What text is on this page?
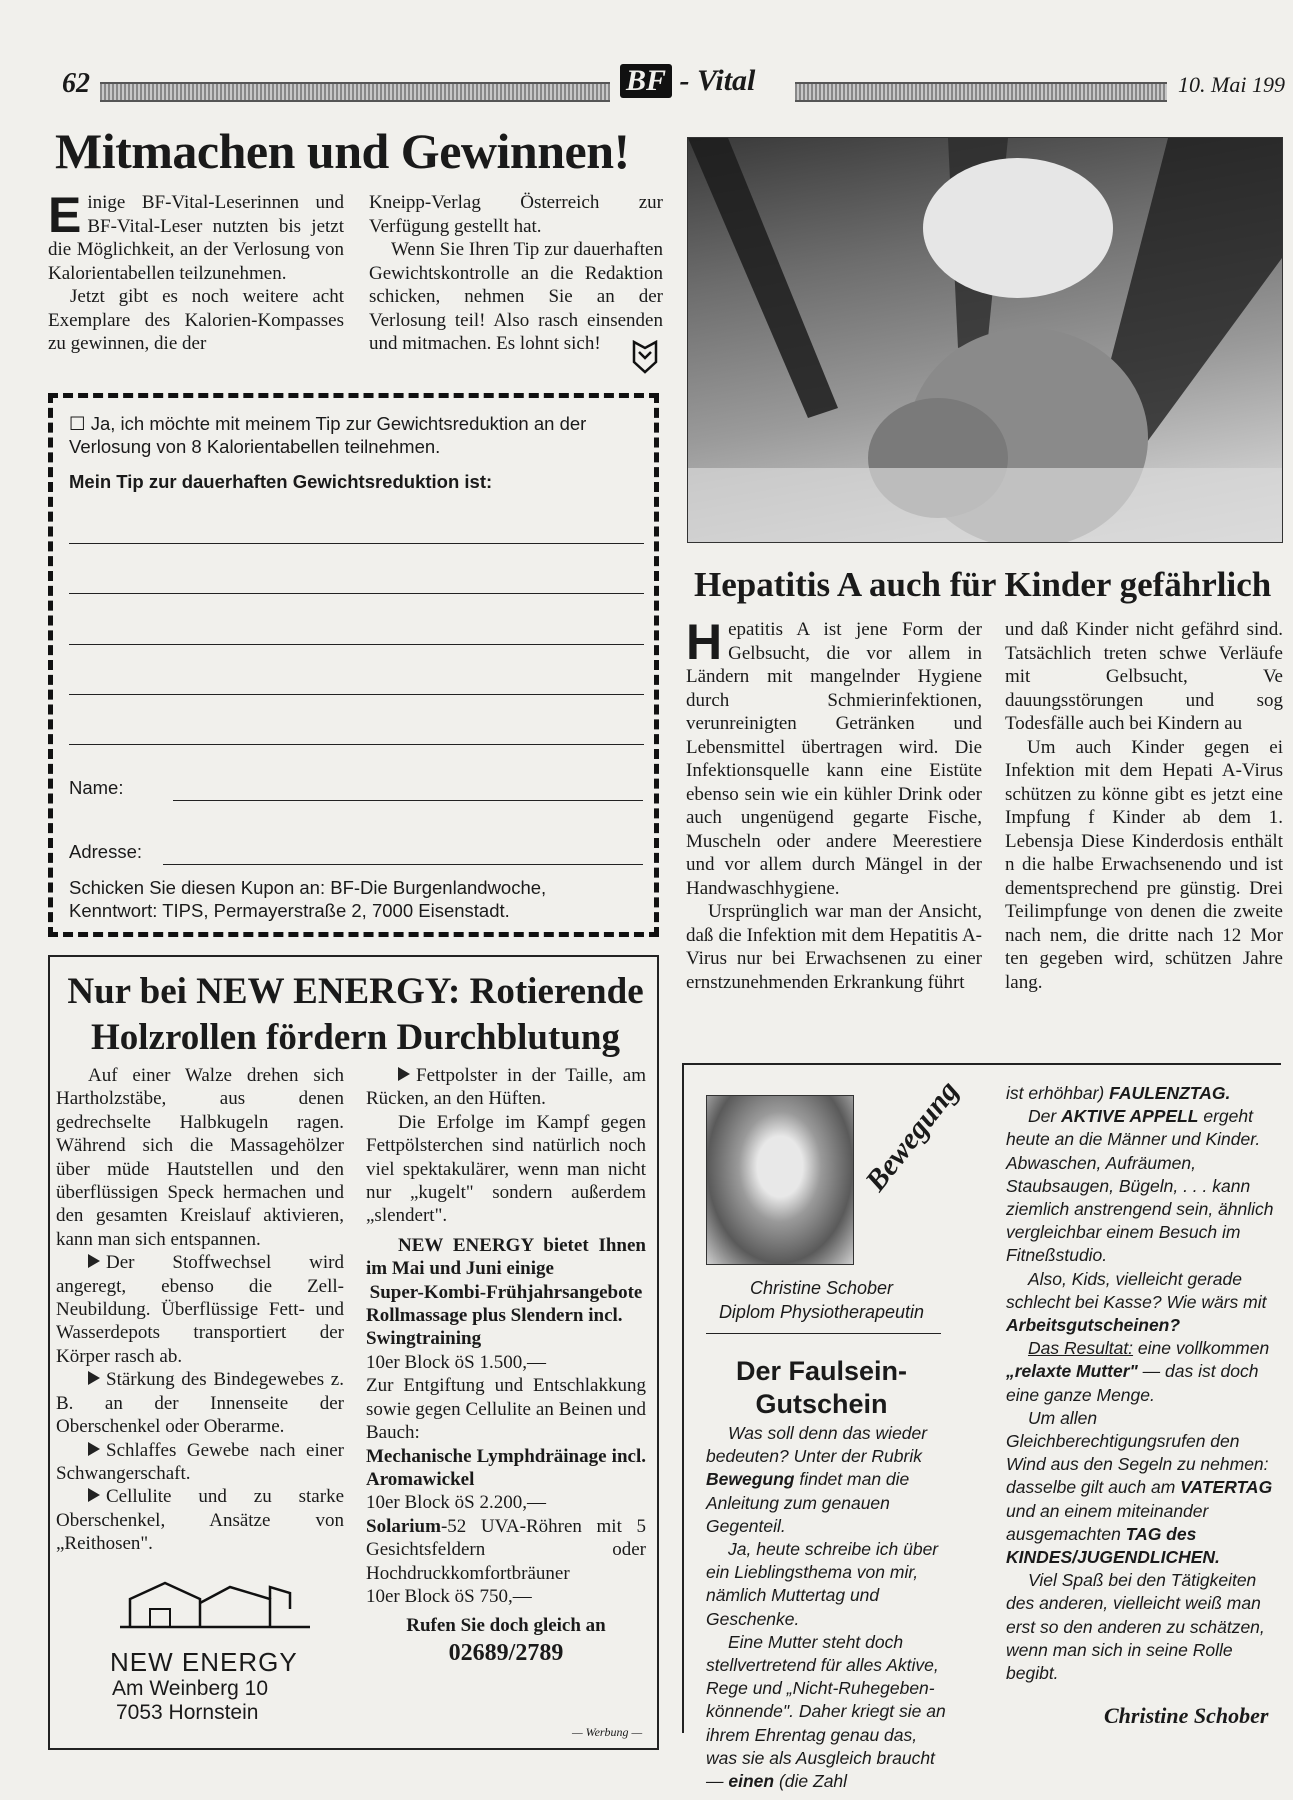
62	BF - Vital	10. Mai 199
Mitmachen und Gewinnen!

Einige BF-Vital-Leserinnen und BF-Vital-Leser nutzten bis jetzt die Möglichkeit, an der Verlosung von Kalorientabellen teilzunehmen.

Jetzt gibt es noch weitere acht Exemplare des Kalorien-Kompasses zu gewinnen, die der

Kneipp-Verlag Österreich zur Verfügung gestellt hat.

Wenn Sie Ihren Tip zur dauerhaften Gewichtskontrolle an die Redaktion schicken, nehmen Sie an der Verlosung teil! Also rasch einsenden und mitmachen. Es lohnt sich!

☐ Ja, ich möchte mit meinem Tip zur Gewichtsreduktion an der Verlosung von 8 Kalorientabellen teilnehmen.
Mein Tip zur dauerhaften Gewichtsreduktion ist:
Name:
Adresse:
Schicken Sie diesen Kupon an: BF-Die Burgenlandwoche,
Kenntwort: TIPS, Permayerstraße 2, 7000 Eisenstadt.
Hepatitis A auch für Kinder gefährlich

Hepatitis A ist jene Form der Gelbsucht, die vor allem in Ländern mit mangelnder Hygiene durch Schmierinfektionen, verunreinigten Getränken und Lebensmittel übertragen wird. Die Infektionsquelle kann eine Eistüte ebenso sein wie ein kühler Drink oder auch ungenügend gegarte Fische, Muscheln oder andere Meerestiere und vor allem durch Mängel in der Handwaschhygiene.

Ursprünglich war man der Ansicht, daß die Infektion mit dem Hepatitis A-Virus nur bei Erwachsenen zu einer ernstzunehmenden Erkrankung führt

und daß Kinder nicht gefährd sind. Tatsächlich treten schwe Verläufe mit Gelbsucht, Ve dauungsstörungen und sog Todesfälle auch bei Kindern au

Um auch Kinder gegen ei Infektion mit dem Hepati A-Virus schützen zu könne gibt es jetzt eine Impfung f Kinder ab dem 1. Lebensja Diese Kinderdosis enthält n die halbe Erwachsenendo und ist dementsprechend pre günstig. Drei Teilimpfunge von denen die zweite nach nem, die dritte nach 12 Mor ten gegeben wird, schützen Jahre lang.

Nur bei NEW ENERGY: Rotierende
Holzrollen fördern Durchblutung

Auf einer Walze drehen sich Hartholzstäbe, aus denen gedrechselte Halbkugeln ragen. Während sich die Massagehölzer über müde Hautstellen und den überflüssigen Speck hermachen und den gesamten Kreislauf aktivieren, kann man sich entspannen.

Der Stoffwechsel wird angeregt, ebenso die Zell-Neubildung. Überflüssige Fett- und Wasserdepots transportiert der Körper rasch ab.

Stärkung des Bindegewebes z. B. an der Innenseite der Oberschenkel oder Oberarme.

Schlaffes Gewebe nach einer Schwangerschaft.

Cellulite und zu starke Oberschenkel, Ansätze von „Reithosen".

NEW ENERGY
Am Weinberg 10
7053 Hornstein

Fettpolster in der Taille, am Rücken, an den Hüften.

Die Erfolge im Kampf gegen Fettpölsterchen sind natürlich noch viel spektakulärer, wenn man nicht nur „kugelt" sondern außerdem „slendert".

NEW ENERGY bietet Ihnen im Mai und Juni einige

Super-Kombi-Frühjahrsangebote

Rollmassage plus Slendern incl. Swingtraining

10er Block öS 1.500,—

Zur Entgiftung und Entschlakkung sowie gegen Cellulite an Beinen und Bauch:

Mechanische Lymphdräinage incl. Aromawickel

10er Block öS 2.200,—

Solarium-52 UVA-Röhren mit 5 Gesichtsfeldern oder Hochdruckkomfortbräuner

10er Block öS 750,—

Rufen Sie doch gleich an

02689/2789

— Werbung —
Bewegung
Christine Schober
Diplom Physiotherapeutin
Der Faulsein-
Gutschein

Was soll denn das wieder bedeuten? Unter der Rubrik Bewegung findet man die Anleitung zum genauen Gegenteil.

Ja, heute schreibe ich über ein Lieblingsthema von mir, nämlich Muttertag und Geschenke.

Eine Mutter steht doch stellvertretend für alles Aktive, Rege und „Nicht-Ruhegeben-könnende". Daher kriegt sie an ihrem Ehrentag genau das, was sie als Ausgleich braucht — einen (die Zahl

ist erhöhbar) FAULENZTAG.

Der AKTIVE APPELL ergeht heute an die Männer und Kinder. Abwaschen, Aufräumen, Staubsaugen, Bügeln, . . . kann ziemlich anstrengend sein, ähnlich vergleichbar einem Besuch im Fitneßstudio.

Also, Kids, vielleicht gerade schlecht bei Kasse? Wie wärs mit Arbeitsgutscheinen?

Das Resultat: eine vollkommen „relaxte Mutter" — das ist doch eine ganze Menge.

Um allen Gleichberechtigungsrufen den Wind aus den Segeln zu nehmen: dasselbe gilt auch am VATERTAG und an einem miteinander ausgemachten TAG des KINDES/JUGENDLICHEN.

Viel Spaß bei den Tätigkeiten des anderen, vielleicht weiß man erst so den anderen zu schätzen, wenn man sich in seine Rolle begibt.

Christine Schober
